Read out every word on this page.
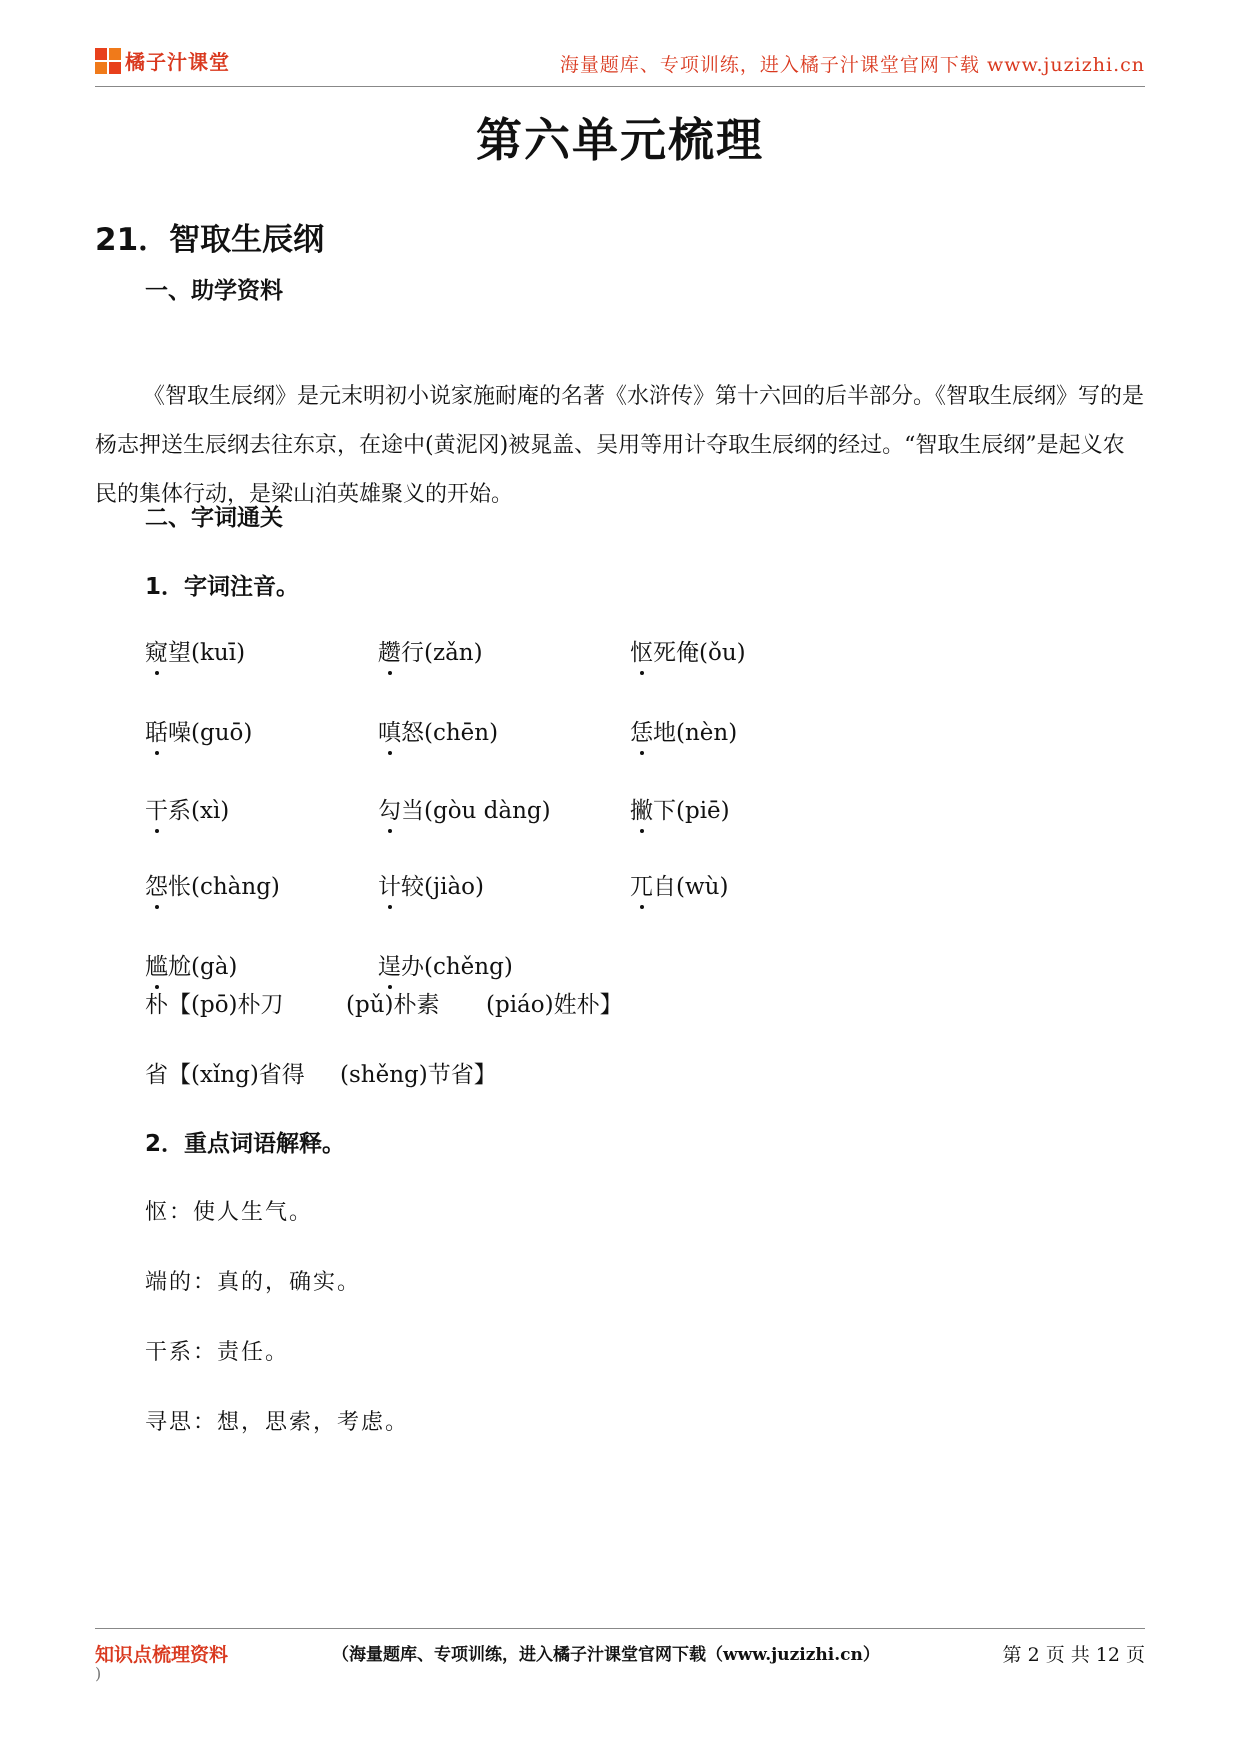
橘子汁课堂	海量题库、专项训练，进入橘子汁课堂官网下载 www.juzizhi.cn
第六单元梳理
21．智取生辰纲
一、助学资料
《智取生辰纲》是元末明初小说家施耐庵的名著《水浒传》第十六回的后半部分。《智取生辰纲》写的是杨志押送生辰纲去往东京，在途中(黄泥冈)被晁盖、吴用等用计夺取生辰纲的经过。“智取生辰纲”是起义农民的集体行动，是梁山泊英雄聚义的开始。
二、字词通关
1．字词注音。
窥望(kuī)	趱行(zǎn)	怄死俺(ǒu)
聒噪(guō)	嗔怒(chēn)	恁地(nèn)
干系(xì)	勾当(gòu dàng)	撇下(piē)
怨怅(chàng)	计较(jiào)	兀自(wù)
尴尬(gà)	逞办(chěng)
朴【(pō)朴刀	(pǔ)朴素 (piáo)姓朴】
省【(xǐng)省得 (shěng)节省】
2．重点词语解释。
怄：使人生气。
端的：真的，确实。
干系：责任。
寻思：想，思索，考虑。
知识点梳理资料
)
（海量题库、专项训练，进入橘子汁课堂官网下载（www.juzizhi.cn）	第 2 页 共 12 页
